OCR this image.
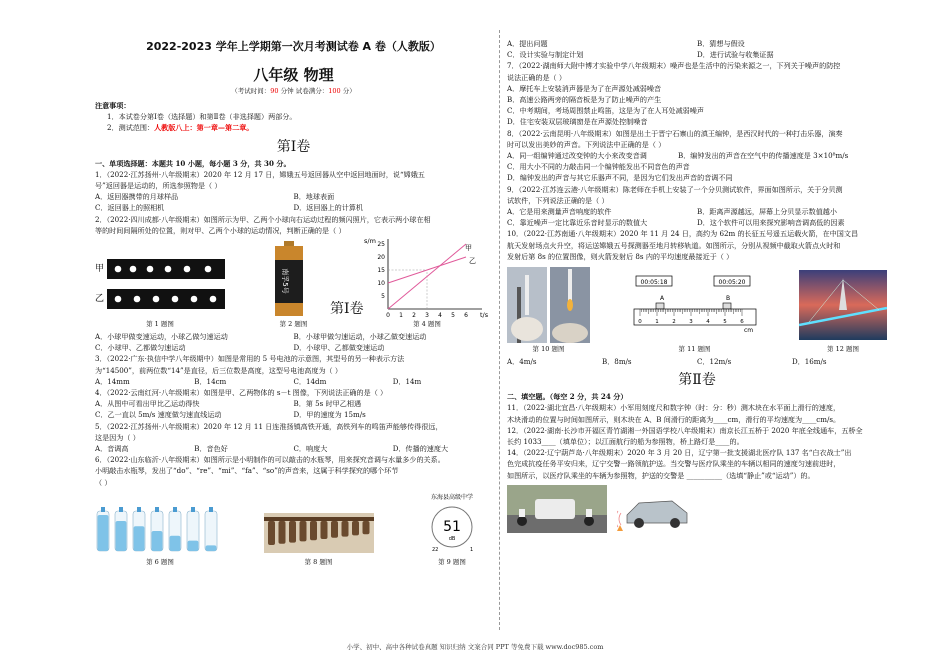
2022-2023 学年上学期第一次月考测试卷 A 卷（人教版）
八年级 物理
（考试时间：90 分钟 试卷满分：100 分）
注意事项：
1．本试卷分第Ⅰ卷（选择题）和第Ⅱ卷（非选择题）两部分。
2．测试范围：人教版八上：第一章—第二章。
第Ⅰ卷
一、单项选择题：本题共 10 小题，每小题 3 分，共 30 分。
1．（2022·江苏扬州·八年级期末）2020 年 12 月 17 日，嫦娥五号返回器从空中返回地面时，说“嫦娥五
号”返回器是运动的，所选参照物是（ ）
A．返回器携带的月球样品	B．地球表面
C．返回器上的照相机	D．返回器上的计算机
2．（2022·四川成都·八年级期末）如图所示为甲、乙两个小球向右运动过程的频闪照片，它表示两小球在相
等的时间间隔所处的位置，则对甲、乙两个小球的运动情况，判断正确的是（ ）
甲
乙
南孚5号
25
20
15
10
5
0 1 2 3 4 5 6 t/s
s/m
甲
乙
第 1 题图	第 2 题图	第 4 题图
A．小球甲做变速运动，小球乙做匀速运动	B．小球甲做匀速运动，小球乙做变速运动
C．小球甲、乙都做匀速运动	D．小球甲、乙都做变速运动
3．（2022·广东·执信中学八年级期中）如图是常用的 5 号电池的示意图，其型号的另一种表示方法
为“14500”，前两位数“14”是直径，后三位数是高度，这型号电池高度为（ ）
A．14mm	B．14cm	C．14dm	D．14m
4．（2022·云南红河·八年级期末）如图是甲、乙两物体的 s－t 图像，下列说法正确的是（ ）
A．从图中可看出甲比乙运动得快	B．第 5s 时甲乙相遇
C．乙一直以 5m/s 速度做匀速直线运动	D．甲的速度为 15m/s
5．（2022·江苏扬州·八年级期末）2020 年 12 月 11 日连淮扬镇高铁开通，高铁列车的鸣笛声能够传得很远，
这是因为（ ）
A．音调高	B．音色好	C．响度大	D．传播的速度大
6．（2022·山东临沂·八年级期末）如图所示是小明制作的可以敲击的水瓶琴，用来探究音调与水量多少的关系。
小明敲击水瓶琴，发出了“do”、“re”、“mi”、“fa”、“so”的声音来，这属于科学探究的哪个环节
（ ）
东海县高级中学
51
dB
22	1
第 6 题图	第 8 题图	第 9 题图
第Ⅰ卷
A．提出问题	B．猜想与假设
C．设计实验与制定计划	D．进行试验与收集证据
7．（2022·湖南师大附中博才实验中学八年级期末）噪声也是生活中的污染来源之一，下列关于噪声的防控
说法正确的是（ ）
A．摩托车上安装消声器是为了在声源处减弱噪音
B．高速公路两旁的隔音板是为了防止噪声的产生
C．中考期间，考场周围禁止鸣笛，这是为了在人耳处减弱噪声
D．住宅安装双层玻璃窗是在声源处控制噪音
8．（2022·云南昆明·八年级期末）如图是出土于晋宁石寨山的滇王编钟，是西汉时代的一种打击乐器，演奏
时可以发出美妙的声音。下列说法中正确的是（ ）
A．同一组编钟通过改变钟的大小来改变音调	B．编钟发出的声音在空气中的传播速度是 3×10⁸m/s
C．用大小不同的力敲击同一个编钟能发出不同音色的声音
D．编钟发出的声音与其它乐器声不同，是因为它们发出声音的音调不同
9．（2022·江苏连云港·八年级期末）陈老师在手机上安装了一个分贝测试软件，界面如图所示，关于分贝测
试软件，下列说法正确的是（ ）
A．它是用来测量声音响度的软件	B．距离声源越远，屏幕上分贝显示数值越小
C．靠近噪声一定比靠近乐音时显示的数值大	D．这个软件可以用来探究影响音调高低的因素
10．（2022·江苏南通·八年级期末）2020 年 11 月 24 日，高约为 62m 的长征五号遥五运载火箭，在中国文昌
航天发射场点火升空，将运送嫦娥五号探测器至地月转移轨道。如图所示，分别从视频中截取火箭点火时和
发射后第 8s 的位置图像，则火箭发射后 8s 内的平均速度最接近于（ ）
00:05:18	00:05:20
A	B
0 1 2 3 4 5 6
cm
第 10 题图	第 11 题图	第 12 题图
A．4m/s	B．8m/s	C．12m/s	D．16m/s
第Ⅱ卷
二、填空题。（每空 2 分，共 24 分）
11．（2022·湖北宜昌·八年级期末）小军用刻度尺和数字钟（时：分：秒）测木块在水平面上滑行的速度，
木块滑动的位置与时间如图所示，则木块在 A、B 间滑行的距离为____cm，滑行的平均速度为____cm/s。
12．（2022·湖南·长沙市开福区青竹湖湘一外国语学校八年级期末）南京长江五桥于 2020 年底全线通车，五桥全
长约 1033____（填单位）；以江面航行的船为参照物，桥上路灯是____的。
14．（2022·辽宁葫芦岛·八年级期末）2020 年 3 月 20 日，辽宁第一批支援湖北医疗队 137 名“白衣战士”出
色完成抗疫任务平安归来，辽宁交警一路领航护送。当交警与医疗队乘坐的车辆以相同的速度匀速前进时，
如图所示，以医疗队乘坐的车辆为参照物，护送的交警是 __________（选填“静止”或“运动”）的。
小学、初中、高中各种试卷真题 知识归纳 文案合同 PPT 等免费下载 www.doc985.com
